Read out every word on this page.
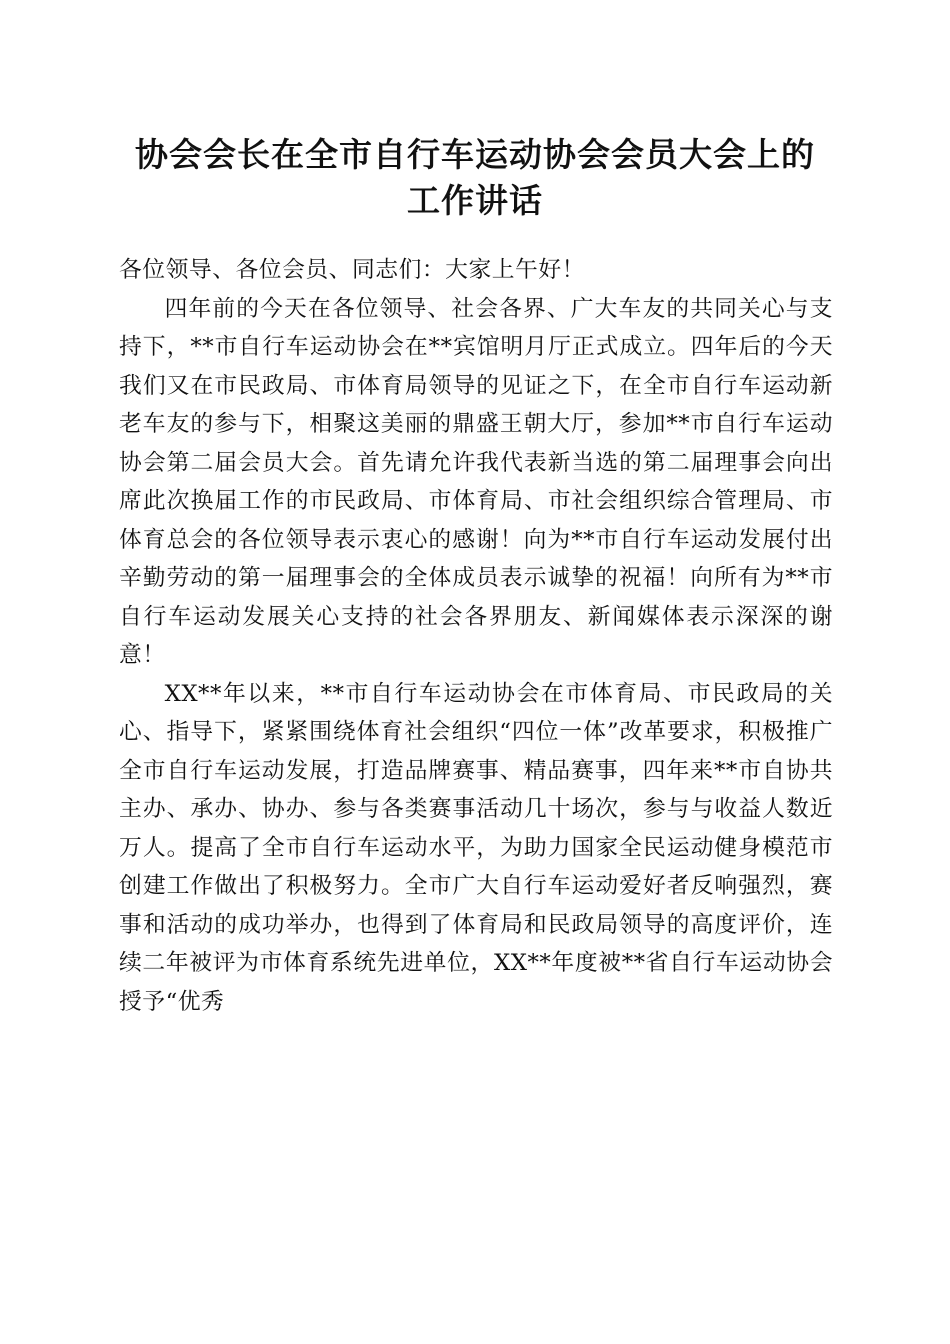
协会会长在全市自行车运动协会会员大会上的
工作讲话

各位领导、各位会员、同志们：大家上午好！

四年前的今天在各位领导、社会各界、广大车友的共同关心与支持下，**市自行车运动协会在**宾馆明月厅正式成立。四年后的今天我们又在市民政局、市体育局领导的见证之下，在全市自行车运动新老车友的参与下，相聚这美丽的鼎盛王朝大厅，参加**市自行车运动协会第二届会员大会。首先请允许我代表新当选的第二届理事会向出席此次换届工作的市民政局、市体育局、市社会组织综合管理局、市体育总会的各位领导表示衷心的感谢！向为**市自行车运动发展付出辛勤劳动的第一届理事会的全体成员表示诚挚的祝福！向所有为**市自行车运动发展关心支持的社会各界朋友、新闻媒体表示深深的谢意！

XX**年以来，**市自行车运动协会在市体育局、市民政局的关心、指导下，紧紧围绕体育社会组织“四位一体”改革要求，积极推广全市自行车运动发展，打造品牌赛事、精品赛事，四年来**市自协共主办、承办、协办、参与各类赛事活动几十场次，参与与收益人数近万人。提高了全市自行车运动水平，为助力国家全民运动健身模范市创建工作做出了积极努力。全市广大自行车运动爱好者反响强烈，赛事和活动的成功举办，也得到了体育局和民政局领导的高度评价，连续二年被评为市体育系统先进单位，XX**年度被**省自行车运动协会授予“优秀
